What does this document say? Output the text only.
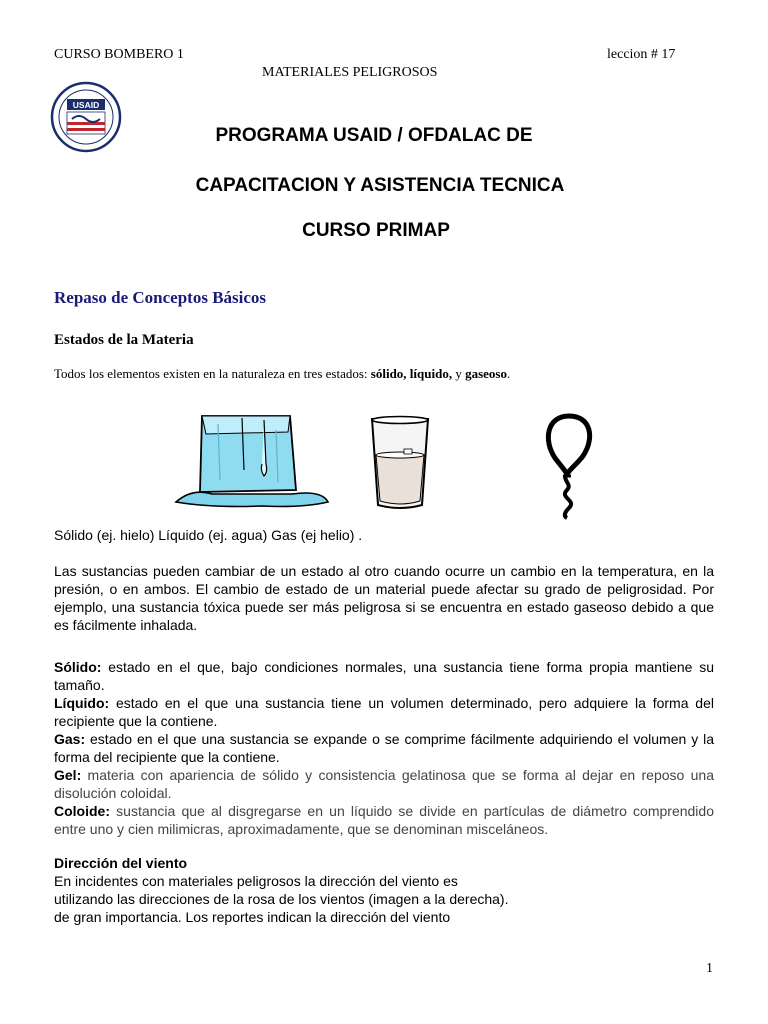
CURSO BOMBERO 1	leccion # 17
MATERIALES PELIGROSOS
USAID
PROGRAMA USAID / OFDALAC DE
CAPACITACION Y ASISTENCIA TECNICA
CURSO PRIMAP
Repaso de Conceptos Básicos
Estados de la Materia
Todos los elementos existen en la naturaleza en tres estados: sólido, líquido, y gaseoso.
Sólido (ej. hielo) Líquido (ej. agua) Gas (ej helio) .
Las sustancias pueden cambiar de un estado al otro cuando ocurre un cambio en la temperatura, en la presión, o en ambos. El cambio de estado de un material puede afectar su grado de peligrosidad. Por ejemplo, una sustancia tóxica puede ser más peligrosa si se encuentra en estado gaseoso debido a que es fácilmente inhalada.
Sólido: estado en el que, bajo condiciones normales, una sustancia tiene forma propia mantiene su tamaño.
Líquido: estado en el que una sustancia tiene un volumen determinado, pero adquiere la forma del recipiente que la contiene.
Gas: estado en el que una sustancia se expande o se comprime fácilmente adquiriendo el volumen y la forma del recipiente que la contiene.
Gel: materia con apariencia de sólido y consistencia gelatinosa que se forma al dejar en reposo una disolución coloidal.
Coloide: sustancia que al disgregarse en un líquido se divide en partículas de diámetro comprendido entre uno y cien milimicras, aproximadamente, que se denominan misceláneos.
Dirección del viento
En incidentes con materiales peligrosos la dirección del viento es
utilizando las direcciones de la rosa de los vientos (imagen a la derecha).
de gran importancia. Los reportes indican la dirección del viento
1
